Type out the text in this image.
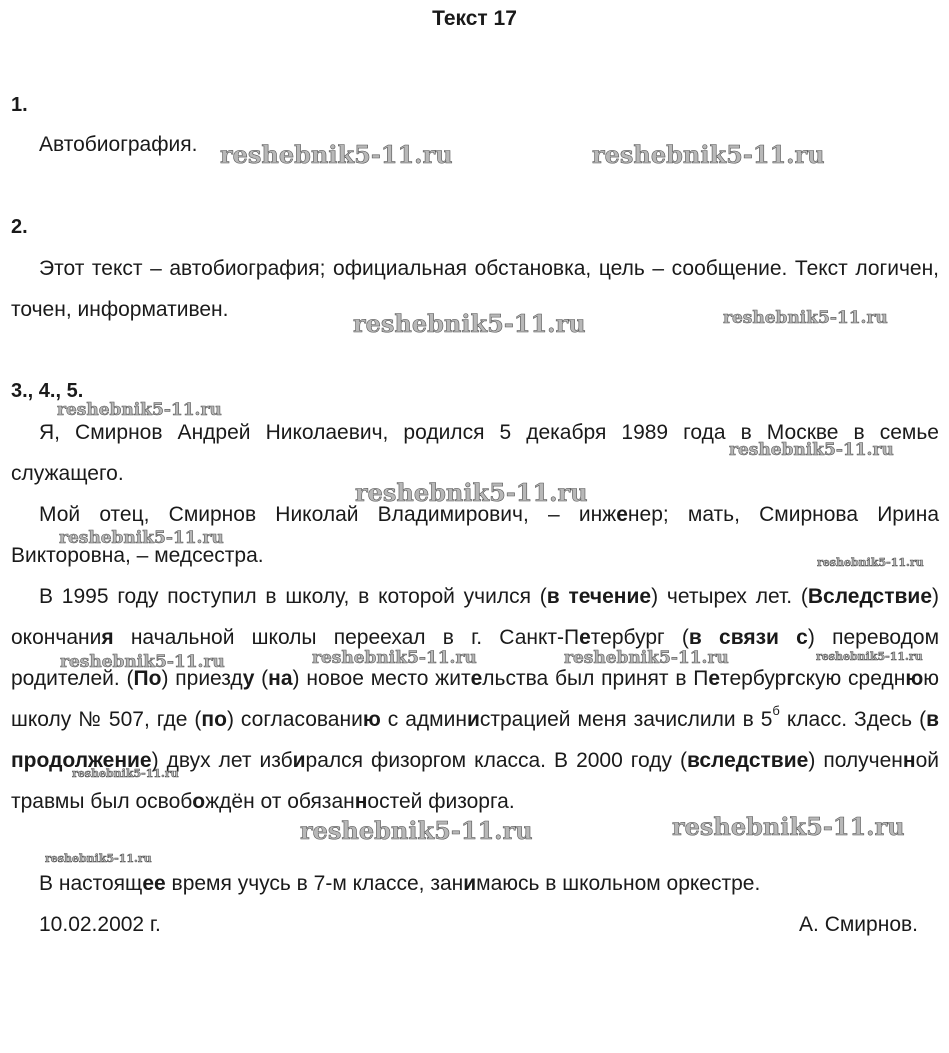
Текст 17
1.

Автобиография.

2.

Этот текст – автобиография; официальная обстановка, цель – сообщение. Текст логичен, точен, информативен.

3., 4., 5.

Я, Смирнов Андрей Николаевич, родился 5 декабря 1989 года в Москве в семье служащего.

Мой отец, Смирнов Николай Владимирович, – инженер; мать, Смирнова Ирина Викторовна, – медсестра.

В 1995 году поступил в школу, в которой учился (в течение) четырех лет. (Вследствие) окончания начальной школы переехал в г. Санкт-Петербург (в связи с) переводом родителей. (По) приезду (на) новое место жительства был принят в Петербургскую среднюю школу № 507, где (по) согласованию с администрацией меня зачислили в $5^б$ класс. Здесь (в продолжение) двух лет избирался физоргом класса. В 2000 году (вследствие) полученной травмы был освобождён от обязанностей физорга.

В настоящее время учусь в 7-м классе, занимаюсь в школьном оркестре.

10.02.2002 г.	А. Смирнов.
reshebnik5-11.ru	reshebnik5-11.ru
reshebnik5-11.ru	reshebnik5-11.ru
reshebnik5-11.ru
reshebnik5-11.ru
reshebnik5-11.ru
reshebnik5-11.ru
reshebnik5-11.ru
reshebnik5-11.ru	reshebnik5-11.ru	reshebnik5-11.ru	reshebnik5-11.ru
reshebnik5-11.ru
reshebnik5-11.ru	reshebnik5-11.ru
reshebnik5-11.ru
